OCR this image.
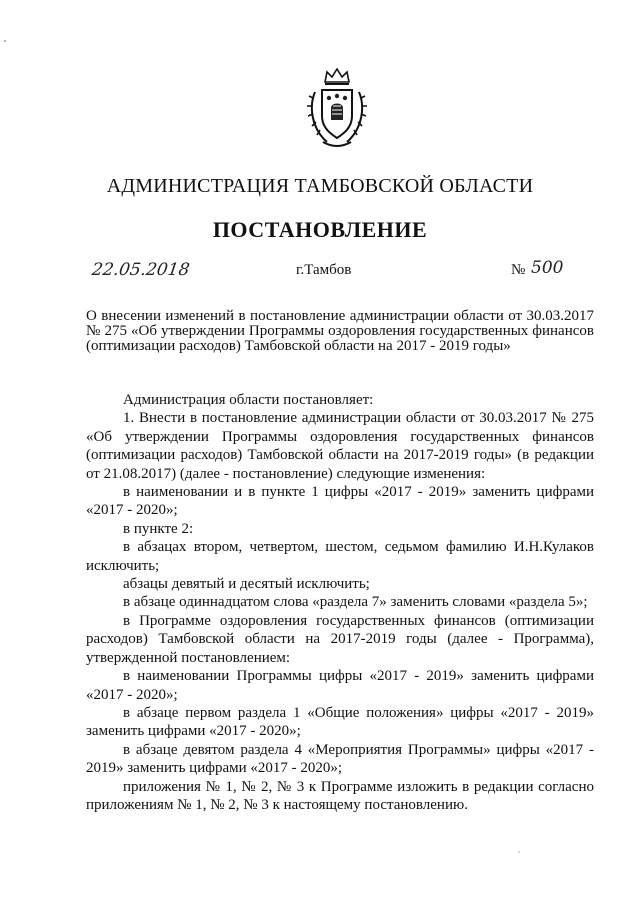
АДМИНИСТРАЦИЯ ТАМБОВСКОЙ ОБЛАСТИ
ПОСТАНОВЛЕНИЕ
22.05.2018	г.Тамбов	№ 500
О внесении изменений в постановление администрации области от 30.03.2017 № 275 «Об утверждении Программы оздоровления государственных финансов (оптимизации расходов) Тамбовской области на 2017 - 2019 годы»

Администрация области постановляет:

1. Внести в постановление администрации области от 30.03.2017 № 275 «Об утверждении Программы оздоровления государственных финансов (оптимизации расходов) Тамбовской области на 2017-2019 годы» (в редакции от 21.08.2017) (далее - постановление) следующие изменения:

в наименовании и в пункте 1 цифры «2017 - 2019» заменить цифрами «2017 - 2020»;

в пункте 2:

в абзацах втором, четвертом, шестом, седьмом фамилию И.Н.Кулаков исключить;

абзацы девятый и десятый исключить;

в абзаце одиннадцатом слова «раздела 7» заменить словами «раздела 5»;

в Программе оздоровления государственных финансов (оптимизации расходов) Тамбовской области на 2017-2019 годы (далее - Программа), утвержденной постановлением:

в наименовании Программы цифры «2017 - 2019» заменить цифрами «2017 - 2020»;

в абзаце первом раздела 1 «Общие положения» цифры «2017 - 2019» заменить цифрами «2017 - 2020»;

в абзаце девятом раздела 4 «Мероприятия Программы» цифры «2017 - 2019» заменить цифрами «2017 - 2020»;

приложения № 1, № 2, № 3 к Программе изложить в редакции согласно приложениям № 1, № 2, № 3 к настоящему постановлению.
